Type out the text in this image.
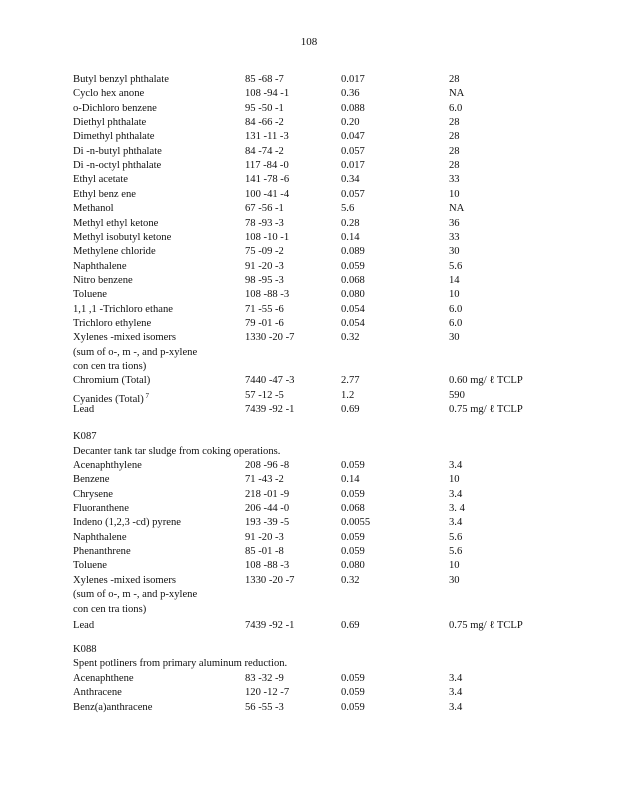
108
Butyl benzyl phthalate	85 -68 -7	0.017	28
Cyclo hex anone	108 -94 -1	0.36	NA
o-Dichloro benzene	95 -50 -1	0.088	6.0
Diethyl phthalate	84 -66 -2	0.20	28
Dimethyl phthalate	131 -11 -3	0.047	28
Di -n-butyl phthalate	84 -74 -2	0.057	28
Di -n-octyl phthalate	117 -84 -0	0.017	28
Ethyl acetate	141 -78 -6	0.34	33
Ethyl benz ene	100 -41 -4	0.057	10
Methanol	67 -56 -1	5.6	NA
Methyl ethyl ketone	78 -93 -3	0.28	36
Methyl isobutyl ketone	108 -10 -1	0.14	33
Methylene chloride	75 -09 -2	0.089	30
Naphthalene	91 -20 -3	0.059	5.6
Nitro benzene	98 -95 -3	0.068	14
Toluene	108 -88 -3	0.080	10
1,1 ,1 -Trichloro ethane	71 -55 -6	0.054	6.0
Trichloro ethylene	79 -01 -6	0.054	6.0
Xylenes -mixed isomers	1330 -20 -7	0.32	30
(sum of o-, m -, and p-xylene
con cen tra tions)
Chromium (Total)	7440 -47 -3	2.77	0.60 mg/ ℓ TCLP
Cyanides (Total) $^7$	57 -12 -5	1.2	590
Lead	7439 -92 -1	0.69	0.75 mg/ ℓ TCLP
K087
Decanter tank tar sludge from coking operations.
Acenaphthylene	208 -96 -8	0.059	3.4
Benzene	71 -43 -2	0.14	10
Chrysene	218 -01 -9	0.059	3.4
Fluoranthene	206 -44 -0	0.068	3. 4
Indeno (1,2,3 -cd) pyrene	193 -39 -5	0.0055	3.4
Naphthalene	91 -20 -3	0.059	5.6
Phenanthrene	85 -01 -8	0.059	5.6
Toluene	108 -88 -3	0.080	10
Xylenes -mixed isomers	1330 -20 -7	0.32	30
(sum of o-, m -, and p-xylene
con cen tra tions)
Lead	7439 -92 -1	0.69	0.75 mg/ ℓ TCLP
K088
Spent potliners from primary aluminum reduction.
Acenaphthene	83 -32 -9	0.059	3.4
Anthracene	120 -12 -7	0.059	3.4
Benz(a)anthracene	56 -55 -3	0.059	3.4
